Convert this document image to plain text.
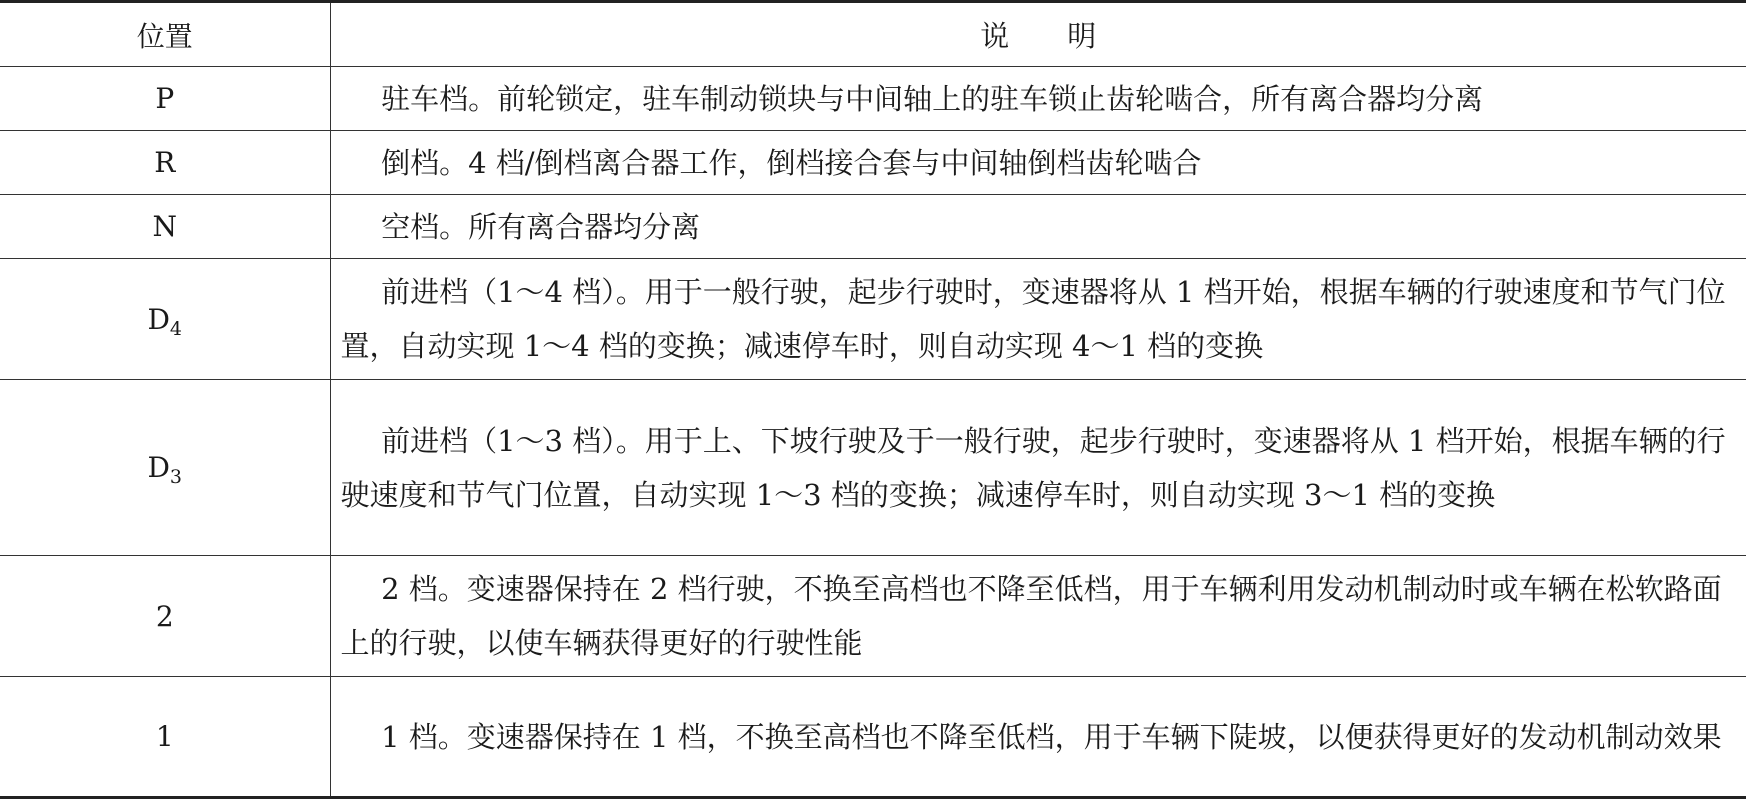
位置	说　　明
P	驻车档。前轮锁定，驻车制动锁块与中间轴上的驻车锁止齿轮啮合，所有离合器均分离
R	倒档。4 档/倒档离合器工作，倒档接合套与中间轴倒档齿轮啮合
N	空档。所有离合器均分离
$D_4$	前进档（1～4 档）。用于一般行驶，起步行驶时，变速器将从 1 档开始，根据车辆的行驶速度和节气门位置，自动实现 1～4 档的变换；减速停车时，则自动实现 4～1 档的变换
$D_3$	前进档（1～3 档）。用于上、下坡行驶及于一般行驶，起步行驶时，变速器将从 1 档开始，根据车辆的行驶速度和节气门位置，自动实现 1～3 档的变换；减速停车时，则自动实现 3～1 档的变换
2	2 档。变速器保持在 2 档行驶，不换至高档也不降至低档，用于车辆利用发动机制动时或车辆在松软路面上的行驶，以使车辆获得更好的行驶性能
1	1 档。变速器保持在 1 档，不换至高档也不降至低档，用于车辆下陡坡，以便获得更好的发动机制动效果
